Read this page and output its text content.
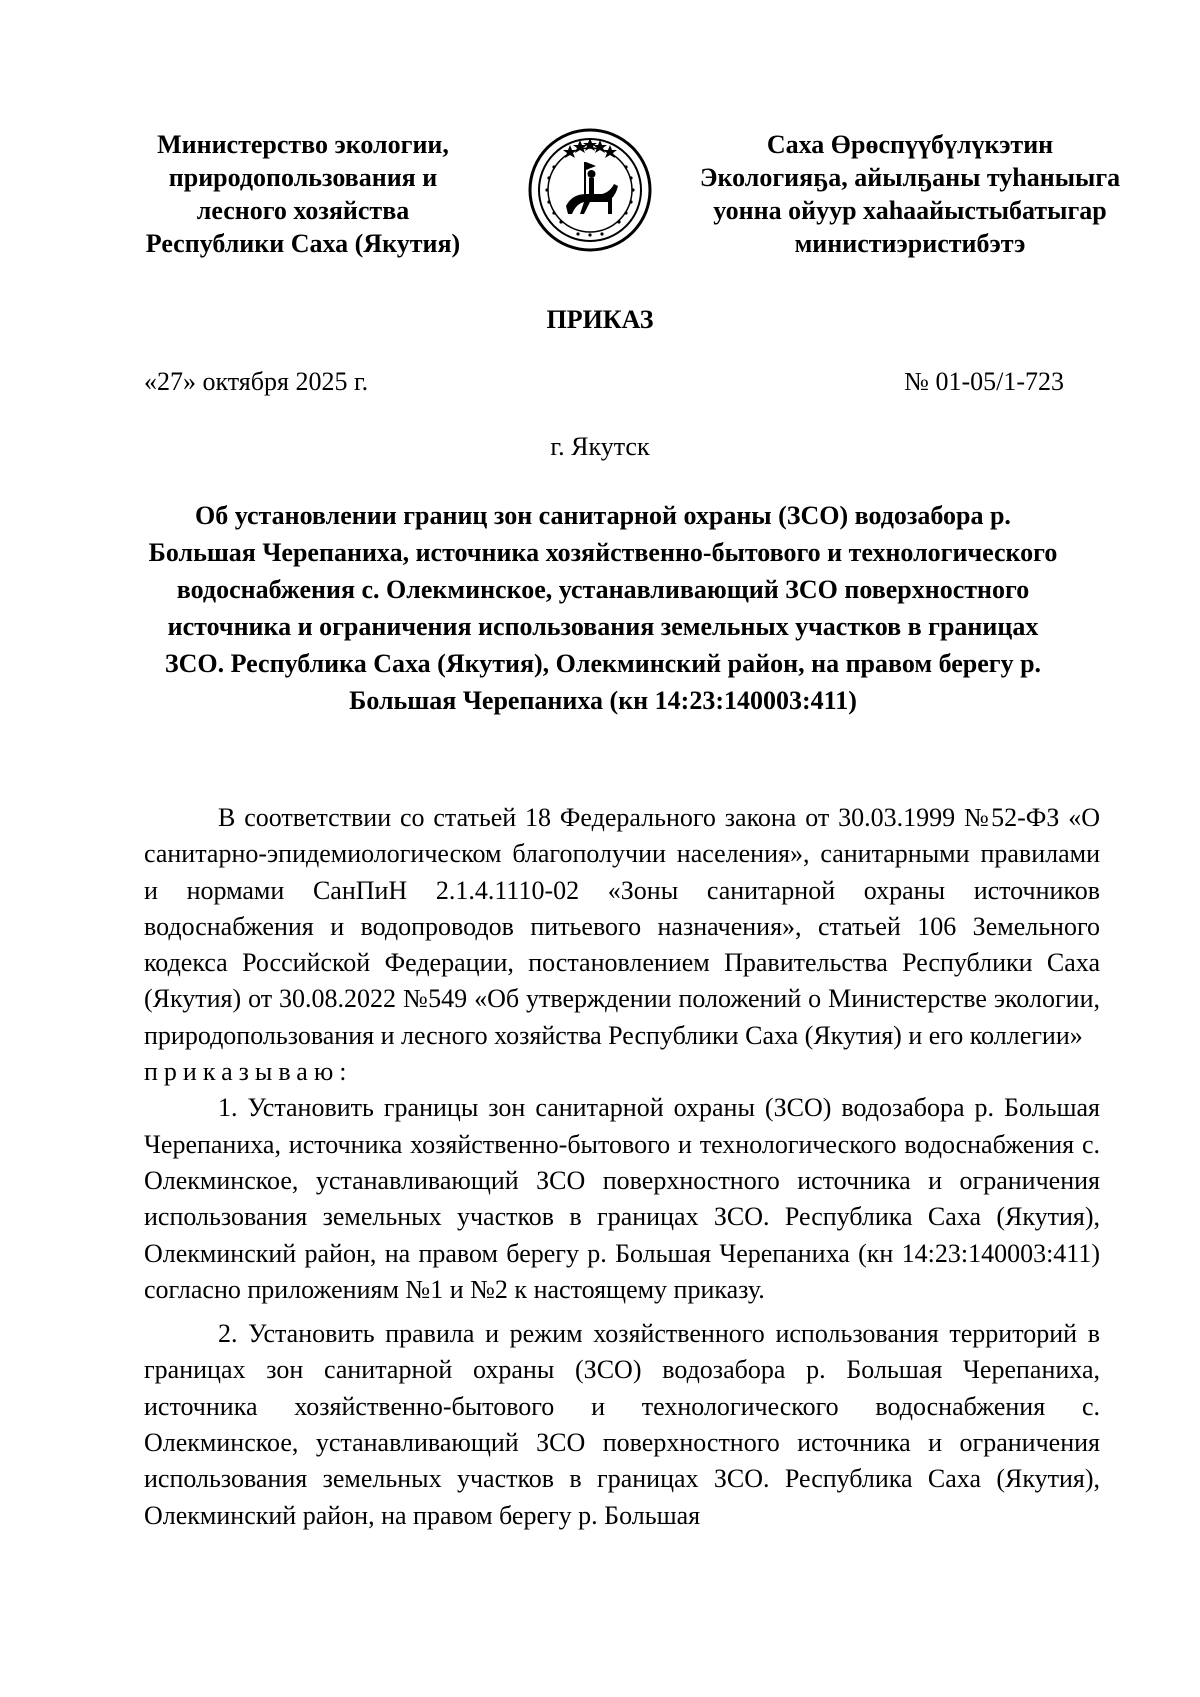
Министерство экологии,
природопользования и
лесного хозяйства
Республики Саха (Якутия)
Саха Өрөспүүбүлүкэтин
Экологияҕа, айылҕаны туһаныыга
уонна ойуур хаһаайыстыбатыгар
министиэристибэтэ
ПРИКАЗ
«27» октября 2025 г.	№ 01-05/1-723
г. Якутск
Об установлении границ зон санитарной охраны (ЗСО) водозабора р. Большая Черепаниха, источника хозяйственно-бытового и технологического водоснабжения с. Олекминское, устанавливающий ЗСО поверхностного источника и ограничения использования земельных участков в границах ЗСО. Республика Саха (Якутия), Олекминский район, на правом берегу р. Большая Черепаниха (кн 14:23:140003:411)

В соответствии со статьей 18 Федерального закона от 30.03.1999 №52-ФЗ «О санитарно-эпидемиологическом благополучии населения», санитарными правилами и нормами СанПиН 2.1.4.1110-02 «Зоны санитарной охраны источников водоснабжения и водопроводов питьевого назначения», статьей 106 Земельного кодекса Российской Федерации, постановлением Правительства Республики Саха (Якутия) от 30.08.2022 №549 «Об утверждении положений о Министерстве экологии, природопользования и лесного хозяйства Республики Саха (Якутия) и его коллегии»

приказываю:

1. Установить границы зон санитарной охраны (ЗСО) водозабора р. Большая Черепаниха, источника хозяйственно-бытового и технологического водоснабжения с. Олекминское, устанавливающий ЗСО поверхностного источника и ограничения использования земельных участков в границах ЗСО. Республика Саха (Якутия), Олекминский район, на правом берегу р. Большая Черепаниха (кн 14:23:140003:411) согласно приложениям №1 и №2 к настоящему приказу.

2. Установить правила и режим хозяйственного использования территорий в границах зон санитарной охраны (ЗСО) водозабора р. Большая Черепаниха, источника хозяйственно-бытового и технологического водоснабжения с. Олекминское, устанавливающий ЗСО поверхностного источника и ограничения использования земельных участков в границах ЗСО. Республика Саха (Якутия), Олекминский район, на правом берегу р. Большая
